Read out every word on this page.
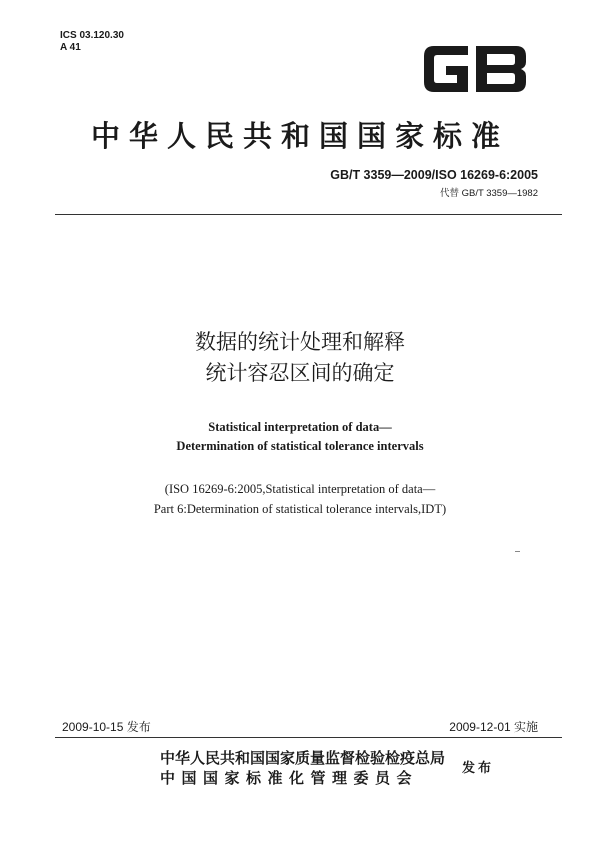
ICS 03.120.30
A 41
中华人民共和国国家标准
GB/T 3359—2009/ISO 16269-6:2005
代替 GB/T 3359—1982
数据的统计处理和解释
统计容忍区间的确定
Statistical interpretation of data—
Determination of statistical tolerance intervals
(ISO 16269-6:2005,Statistical interpretation of data—
Part 6:Determination of statistical tolerance intervals,IDT)
2009-10-15 发布	2009-12-01 实施
中华人民共和国国家质量监督检验检疫总局
中国国家标准化管理委员会
发布
